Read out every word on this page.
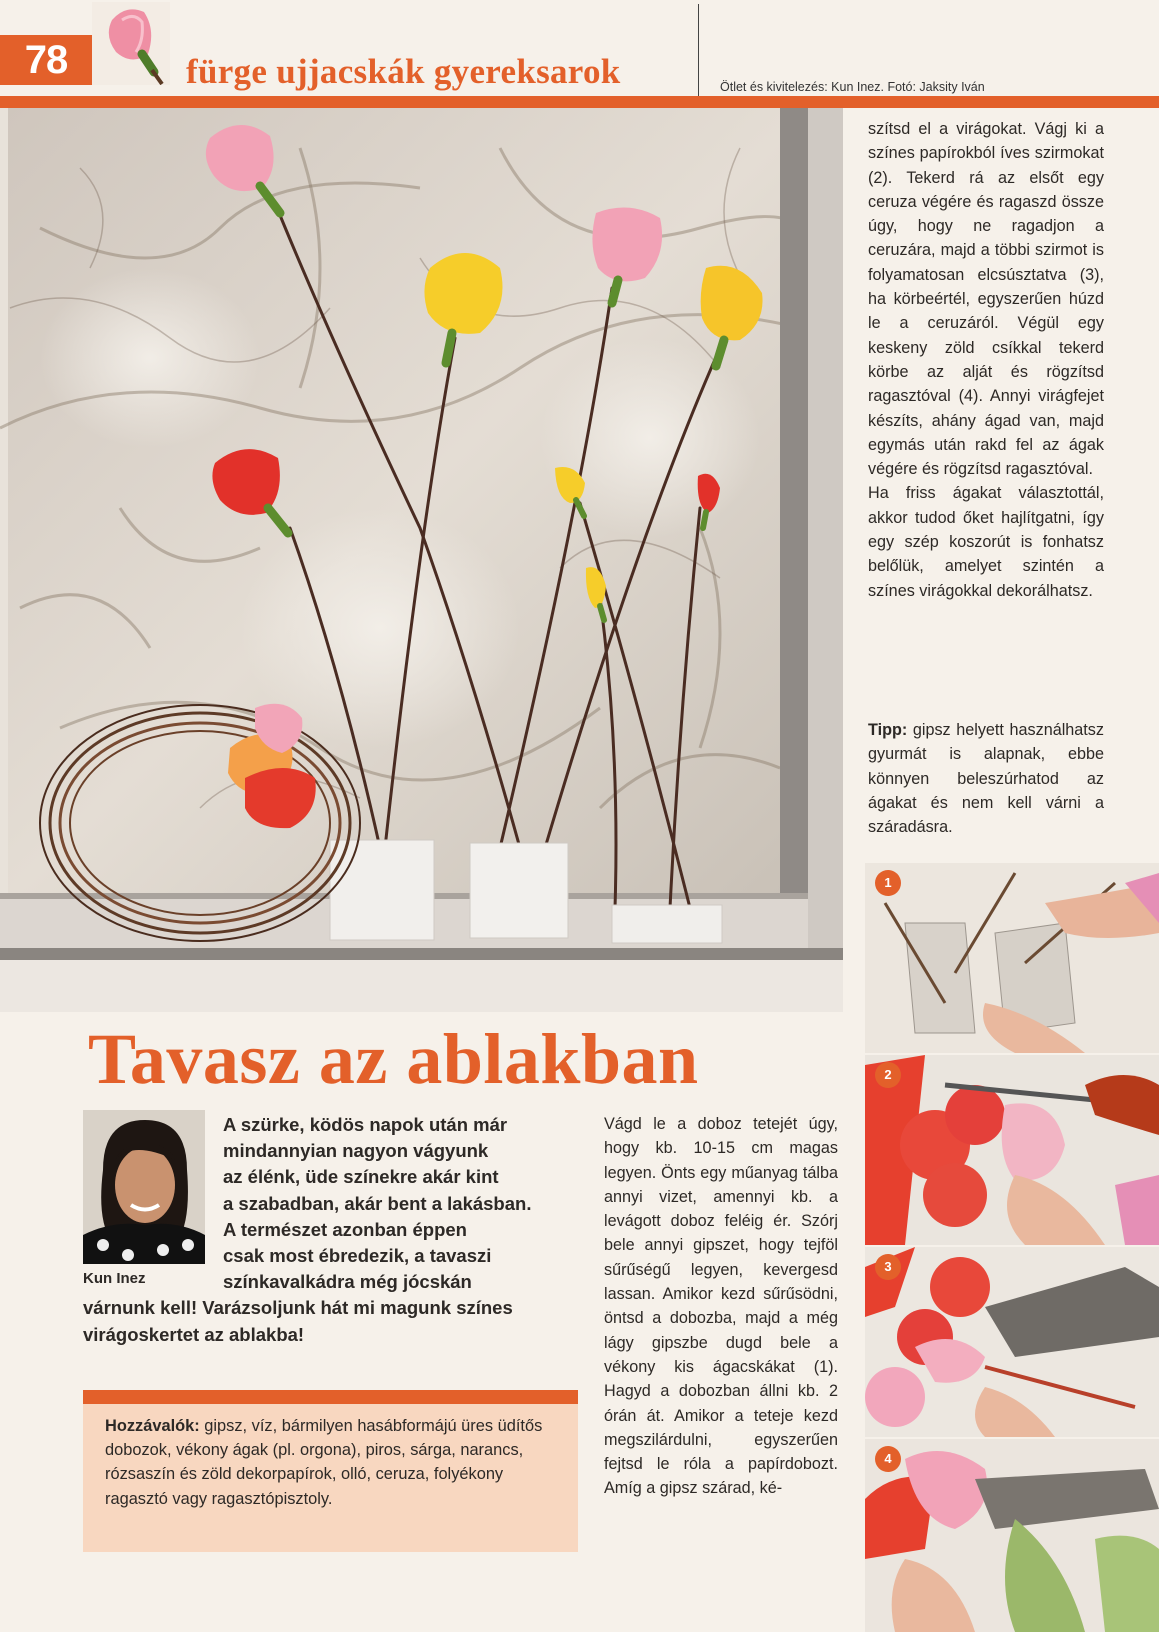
78	fürge ujjacskák gyereksarok	Ötlet és kivitelezés: Kun Inez. Fotó: Jaksity Iván

szítsd el a virágokat. Vágj ki a színes papírokból íves szirmokat (2). Tekerd rá az elsőt egy ceruza végére és ragaszd össze úgy, hogy ne ragadjon a ceruzára, majd a többi szirmot is folyamatosan elcsúsztatva (3), ha körbeértél, egyszerűen húzd le a ceruzáról. Végül egy keskeny zöld csíkkal tekerd körbe az alját és rögzítsd ragasztóval (4). Annyi virágfejet készíts, ahány ágad van, majd egymás után rakd fel az ágak végére és rögzítsd ragasztóval.

Ha friss ágakat választottál, akkor tudod őket hajlítgatni, így egy szép koszorút is fonhatsz belőlük, amelyet szintén a színes virágokkal dekorálhatsz.

Tipp: gipsz helyett használhatsz gyurmát is alapnak, ebbe könnyen beleszúrhatod az ágakat és nem kell várni a száradásra.
1
2
3
4
Tavasz az ablakban
Kun Inez
A szürke, ködös napok után már
mindannyian nagyon vágyunk
az élénk, üde színekre akár kint
a szabadban, akár bent a lakásban.
A természet azonban éppen
csak most ébredezik, a tavaszi
színkavalkádra még jócskán
várnunk kell! Varázsoljunk hát mi magunk színes
virágoskertet az ablakba!
Hozzávalók: gipsz, víz, bármilyen hasábformájú üres üdítős dobozok, vékony ágak (pl. orgona), piros, sárga, narancs, rózsaszín és zöld dekorpapírok, olló, ceruza, folyékony ragasztó vagy ragasztópisztoly.
Vágd le a doboz tetejét úgy, hogy kb. 10-15 cm magas legyen. Önts egy műanyag tálba annyi vizet, amennyi kb. a levágott doboz feléig ér. Szórj bele annyi gipszet, hogy tejföl sűrűségű legyen, kevergesd lassan. Amikor kezd sűrűsödni, öntsd a dobozba, majd a még lágy gipszbe dugd bele a vékony kis ágacskákat (1). Hagyd a dobozban állni kb. 2 órán át. Amikor a teteje kezd megszilárdulni, egyszerűen fejtsd le róla a papírdobozt. Amíg a gipsz szárad, ké-
